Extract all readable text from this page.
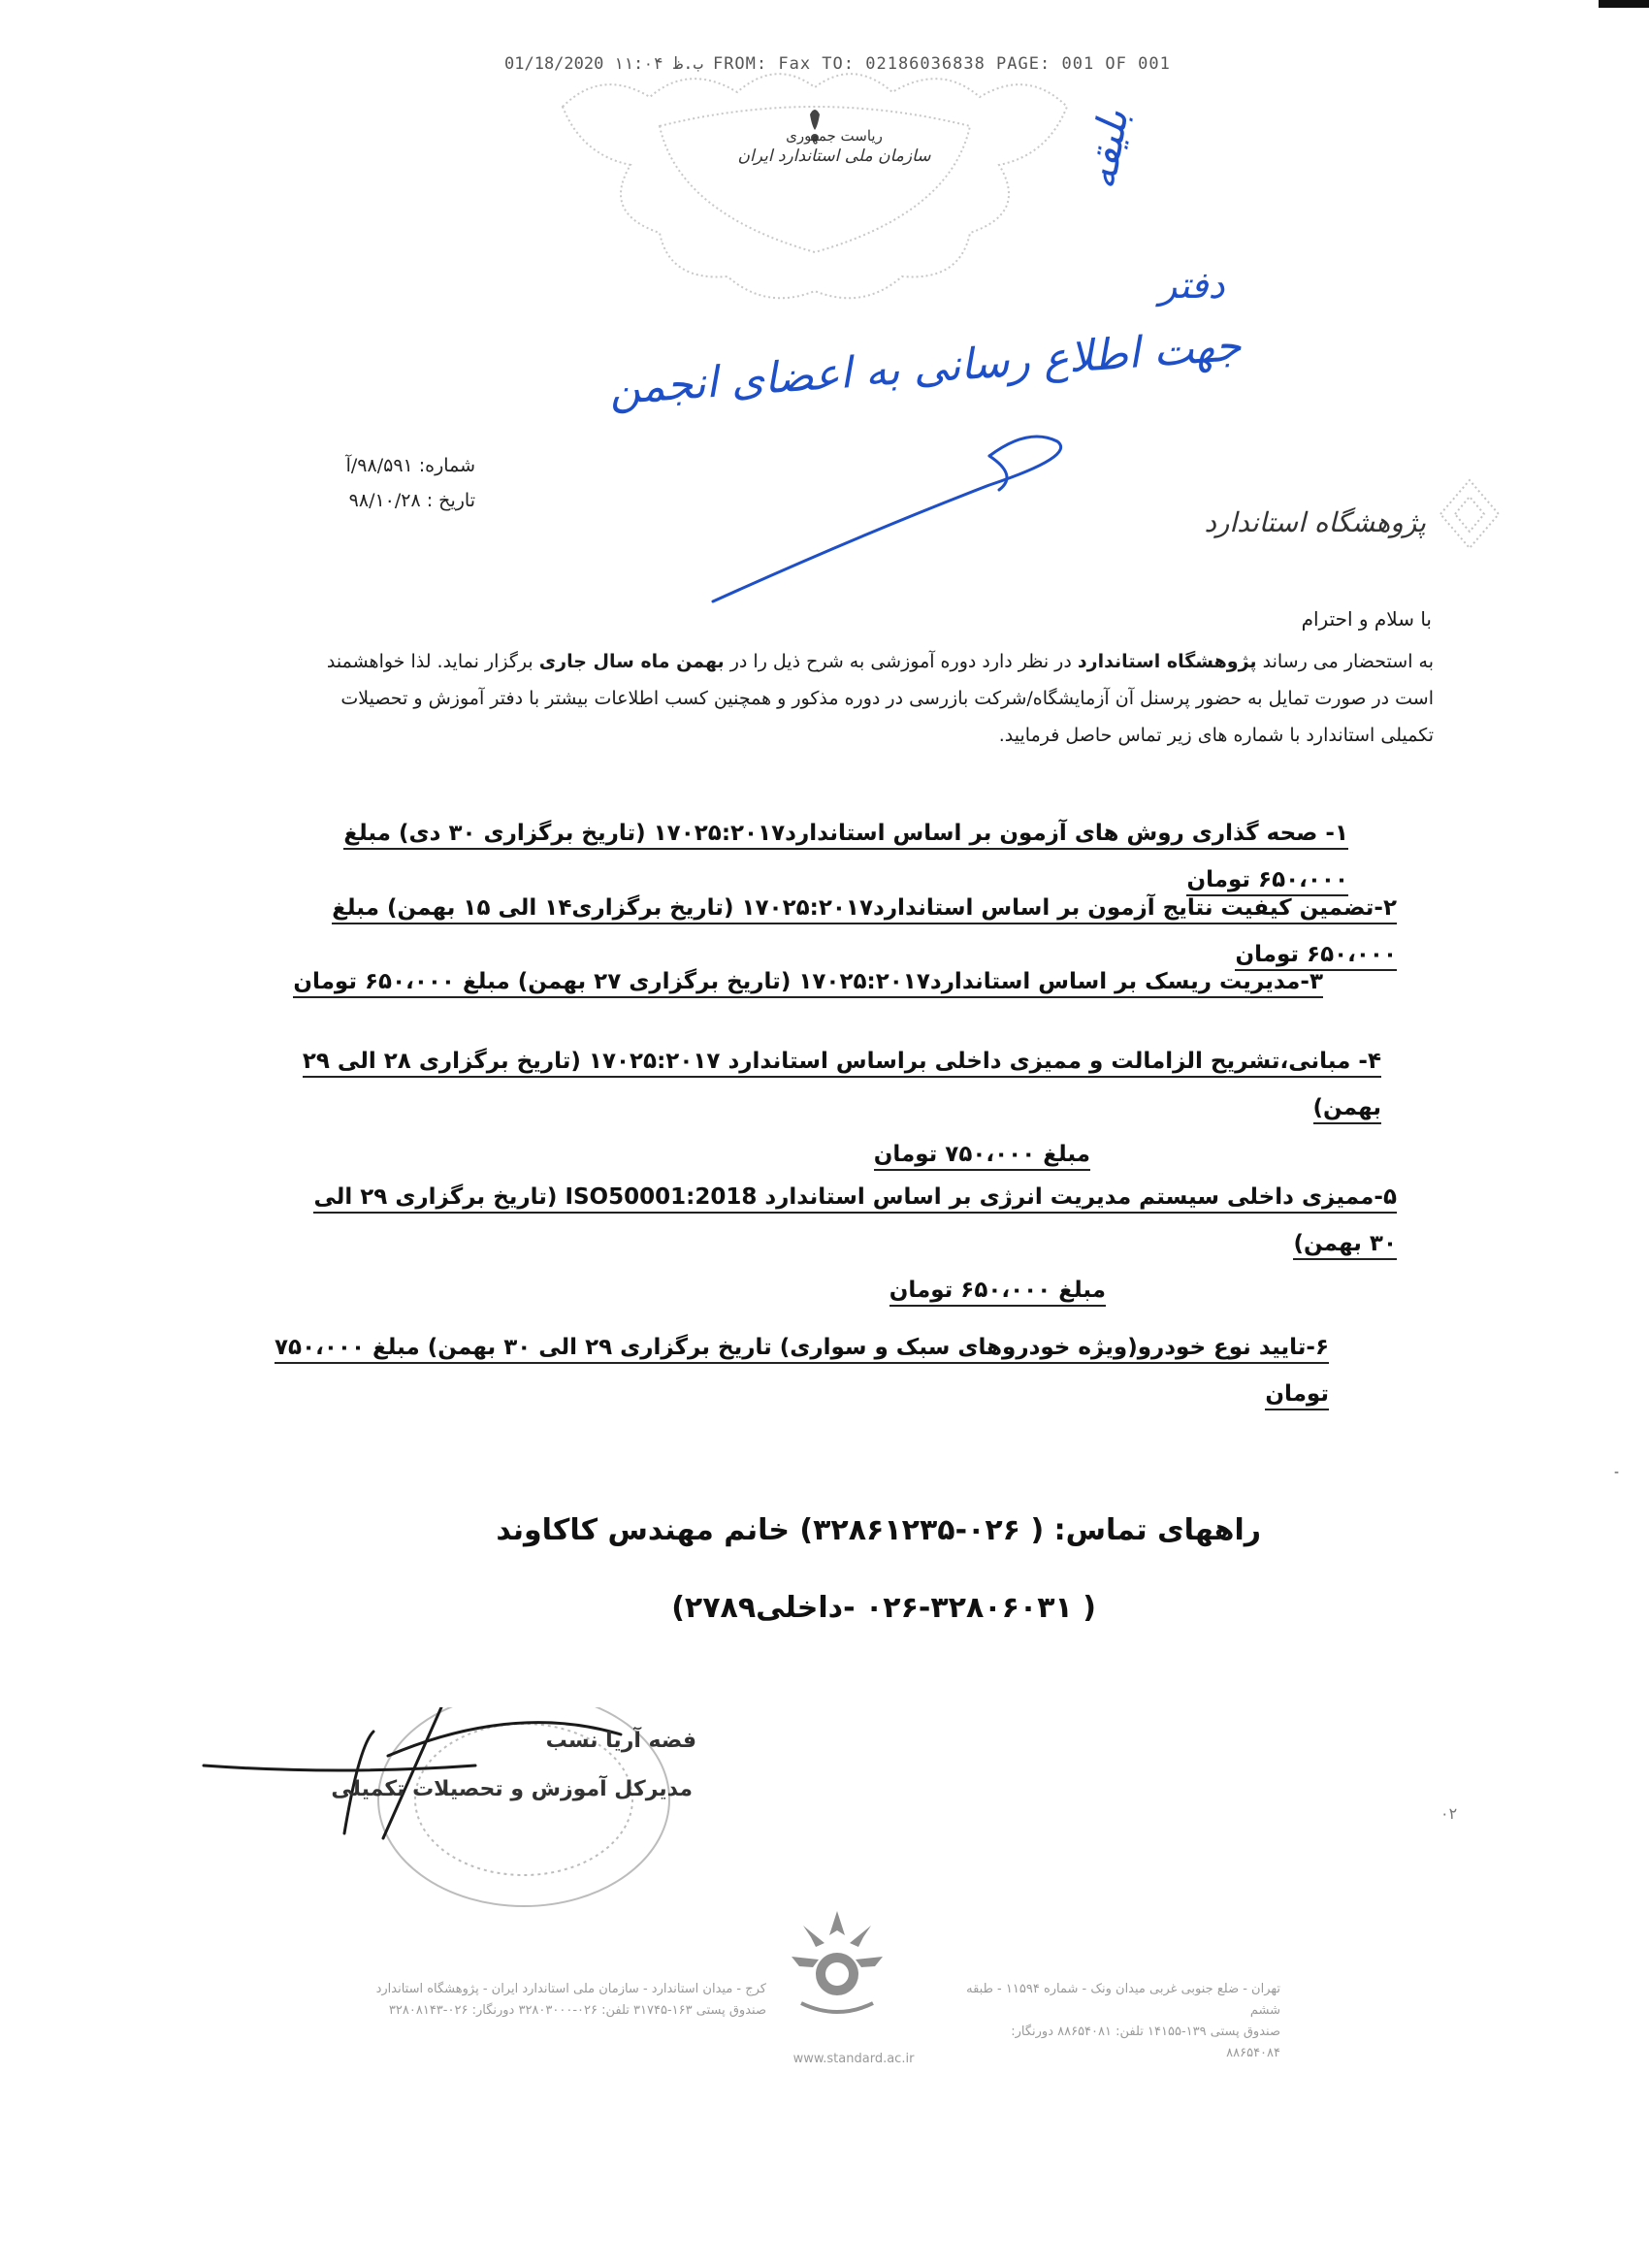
01/18/2020 ۱۱:۰۴ ب.ظ FROM: Fax TO: 02186036838 PAGE: 001 OF 001
ریاست جمهوری
سازمان ملی استاندارد ایران	بلیقه
دفتر
جهت اطلاع رسانی به اعضای انجمن
شماره: ۹۸/۵۹۱/آ
تاریخ : ۹۸/۱۰/۲۸
پژوهشگاه استاندارد
با سلام و احترام
به استحضار می رساند پژوهشگاه استاندارد در نظر دارد دوره آموزشی به شرح ذیل را در بهمن ماه سال جاری برگزار نماید. لذا خواهشمند است در صورت تمایل به حضور پرسنل آن آزمایشگاه/شرکت بازرسی در دوره مذکور و همچنین کسب اطلاعات بیشتر با دفتر آموزش و تحصیلات تکمیلی استاندارد با شماره های زیر تماس حاصل فرمایید.
۱- صحه گذاری روش های آزمون بر اساس استاندارد۱۷۰۲۵:۲۰۱۷ (تاریخ برگزاری ۳۰ دی) مبلغ ۶۵۰،۰۰۰ تومان
۲-تضمین کیفیت نتایج آزمون بر اساس استاندارد۱۷۰۲۵:۲۰۱۷ (تاریخ برگزاری۱۴ الی ۱۵ بهمن) مبلغ ۶۵۰،۰۰۰ تومان
۳-مدیریت ریسک بر اساس استاندارد۱۷۰۲۵:۲۰۱۷ (تاریخ برگزاری ۲۷ بهمن) مبلغ ۶۵۰،۰۰۰ تومان
۴- مبانی،تشریح الزامالت و ممیزی داخلی براساس استاندارد ۱۷۰۲۵:۲۰۱۷ (تاریخ برگزاری ۲۸ الی ۲۹ بهمن)
مبلغ ۷۵۰،۰۰۰ تومان
۵-ممیزی داخلی سیستم مدیریت انرژی بر اساس استاندارد ISO50001:2018 (تاریخ برگزاری ۲۹ الی ۳۰ بهمن)
مبلغ ۶۵۰،۰۰۰ تومان
۶-تایید نوع خودرو(ویژه خودروهای سبک و سواری) تاریخ برگزاری ۲۹ الی ۳۰ بهمن) مبلغ ۷۵۰،۰۰۰ تومان
راههای تماس: ( ۰۲۶-۳۲۸۶۱۲۳۵) خانم مهندس کاکاوند
( ۰۲۶-۳۲۸۰۶۰۳۱ -داخلی۲۷۸۹)
فضه آریا نسب
مدیرکل آموزش و تحصیلات تکمیلی
۰۲
-
کرج - میدان استاندارد - سازمان ملی استاندارد ایران - پژوهشگاه استاندارد
صندوق پستی ۱۶۳-۳۱۷۴۵ تلفن: ۰۲۶-۳۲۸۰۳۰۰۰ دورنگار: ۰۲۶-۳۲۸۰۸۱۴۳
تهران - ضلع جنوبی غربی میدان ونک - شماره ۱۱۵۹۴ - طبقه ششم
صندوق پستی ۱۳۹-۱۴۱۵۵ تلفن: ۸۸۶۵۴۰۸۱ دورنگار: ۸۸۶۵۴۰۸۴
www.standard.ac.ir
